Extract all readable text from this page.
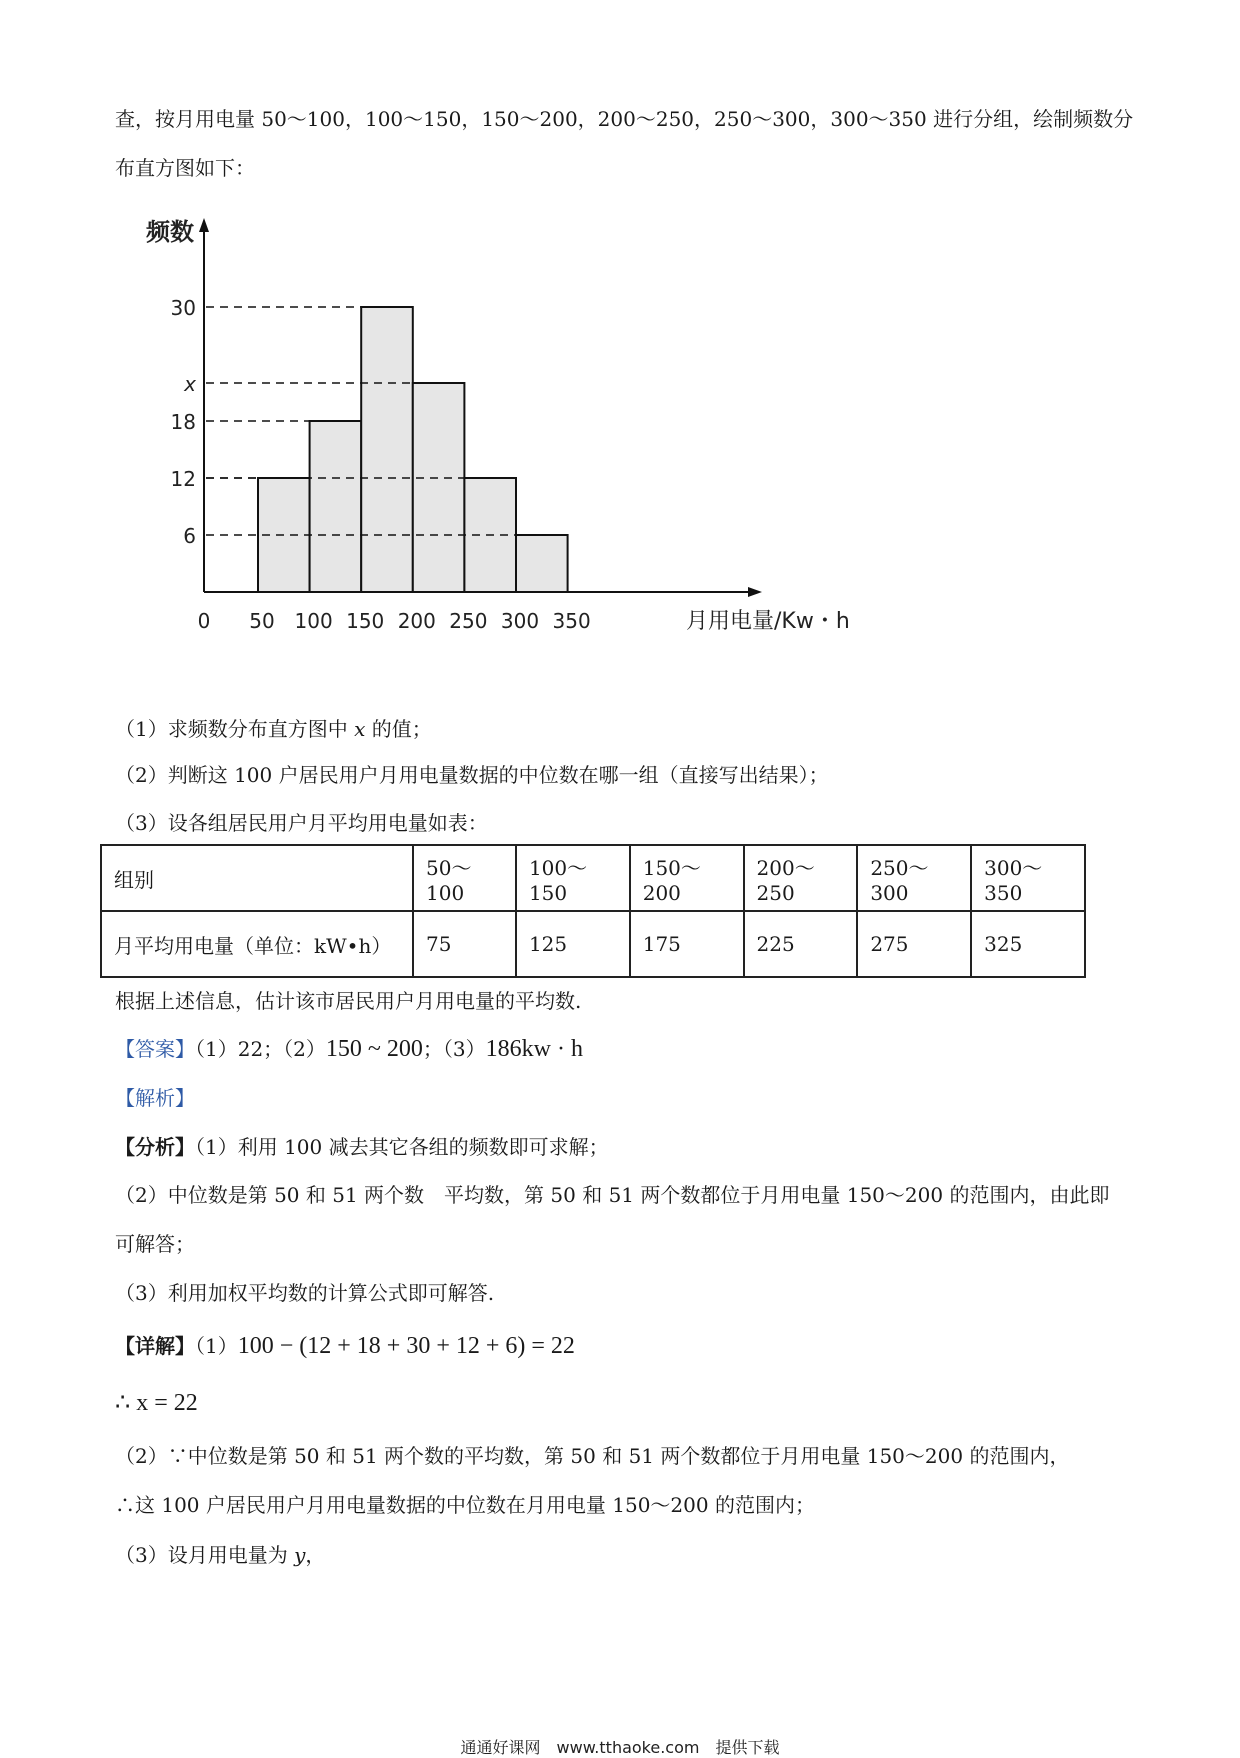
查，按月用电量 50～100，100～150，150～200，200～250，250～300，300～350 进行分组，绘制频数分
布直方图如下：
频数
月用电量/Kw・h
6
12
18
x
30
0 50 100 150 200 250 300 350
（1）求频数分布直方图中 x 的值；
（2）判断这 100 户居民用户月用电量数据的中位数在哪一组（直接写出结果）；
（3）设各组居民用户月平均用电量如表：
组别	50～100	100～150	150～200	200～250	250～300	300～350
月平均用电量（单位：kW•h）	75	125	175	225	275	325
根据上述信息，估计该市居民用户月用电量的平均数.
【答案】（1）22；（2）150 ~ 200；（3）186kw · h
【解析】
【分析】（1）利用 100 减去其它各组的频数即可求解；
（2）中位数是第 50 和 51 两个数　平均数，第 50 和 51 两个数都位于月用电量 150～200 的范围内，由此即
可解答；
（3）利用加权平均数的计算公式即可解答.
【详解】（1）100 − (12 + 18 + 30 + 12 + 6) = 22
∴ x = 22
（2）∵中位数是第 50 和 51 两个数的平均数，第 50 和 51 两个数都位于月用电量 150～200 的范围内，
∴这 100 户居民用户月用电量数据的中位数在月用电量 150～200 的范围内；
（3）设月用电量为 y，
通通好课网　www.tthaoke.com　提供下载
